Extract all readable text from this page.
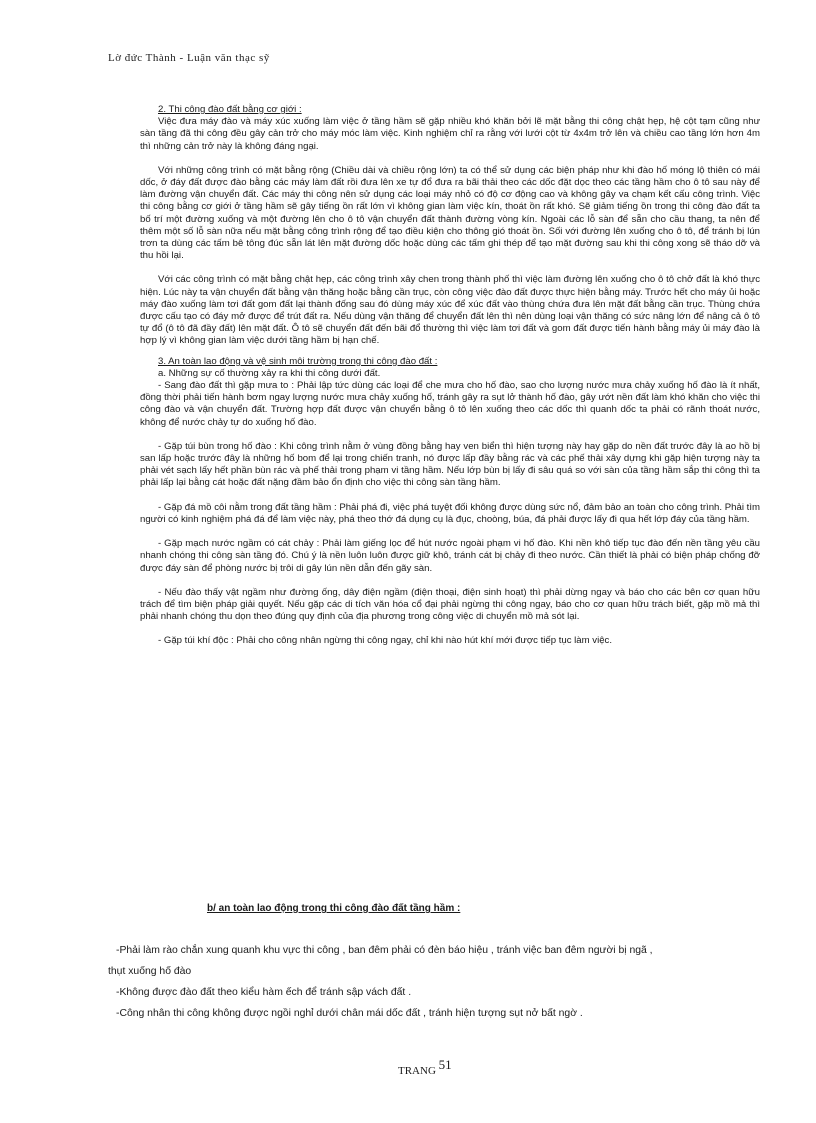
Lờ đức Thành - Luận văn thạc sỹ

2. Thi công đào đất bằng cơ giới :

Việc đưa máy đào và máy xúc xuống làm việc ở tầng hầm sẽ gặp nhiều khó khăn bởi lẽ mặt bằng thi công chật hẹp, hệ cột tạm cũng như sàn tầng đã thi công đều gây cản trở cho máy móc làm việc. Kinh nghiệm chỉ ra rằng với lưới cột từ 4x4m trở lên và chiều cao tầng lớn hơn 4m thì những cản trở này là không đáng ngại.

Với những công trình có mặt bằng rộng (Chiều dài và chiều rộng lớn) ta có thể sử dụng các biện pháp như khi đào hố móng lộ thiên có mái dốc, ở đáy đất được đào bằng các máy làm đất rồi đưa lên xe tự đổ đưa ra bãi thải theo các dốc đặt dọc theo các tầng hầm cho ô tô sau này để làm đường vận chuyển đất. Các máy thi công nên sử dụng các loại máy nhỏ có độ cơ động cao và không gây va chạm kết cấu công trình. Việc thi công bằng cơ giới ở tầng hầm sẽ gây tiếng ồn rất lớn vì không gian làm việc kín, thoát ồn rất khó. Sẽ giảm tiếng ồn trong thi công đào đất ta bố trí một đường xuống và một đường lên cho ô tô vận chuyển đất thành đường vòng kín. Ngoài các lỗ sàn để sẵn cho cầu thang, ta nên để thêm một số lỗ sàn nữa nếu mặt bằng công trình rộng để tạo điều kiện cho thông gió thoát ồn. Sối với đường lên xuống cho ô tô, để tránh bị lún trơn ta dùng các tấm bê tông đúc sẵn lát lên mặt đường dốc hoặc dùng các tấm ghi thép để tạo mặt đường sau khi thi công xong sẽ tháo dỡ và thu hồi lại.

Với các công trình có mặt bằng chật hẹp, các công trình xây chen trong thành phố thì việc làm đường lên xuống cho ô tô chở đất là khó thực hiện. Lúc này ta vận chuyển đất bằng vận thăng hoặc bằng cần trục, còn công việc đào đất được thực hiện bằng máy. Trước hết cho máy ủi hoặc máy đào xuống làm tơi đất gom đất lại thành đống sau đó dùng máy xúc để xúc đất vào thùng chứa đưa lên mặt đất bằng cần trục. Thùng chứa được cấu tạo có đáy mở được để trút đất ra. Nếu dùng vận thăng để chuyển đất lên thì nên dùng loại vận thăng có sức nâng lớn để nâng cả ô tô tự đổ (ô tô đã đầy đất) lên mặt đất. Ô tô sẽ chuyển đất đến bãi đổ thường thì việc làm tơi đất và gom đất được tiến hành bằng máy ủi máy đào là hợp lý vì không gian làm việc dưới tầng hầm bị hạn chế.

3. An toàn lao động và vệ sinh môi trường trong thi công đào đất :

a. Những sự cố thường xảy ra khi thi công dưới đất.

- Sang đào đất thì gặp mưa to : Phải lập tức dùng các loại để che mưa cho hố đào, sao cho lượng nước mưa chảy xuống hố đào là ít nhất, đồng thời phải tiến hành bơm ngay lượng nước mưa chảy xuống hố, tránh gây ra sụt lở thành hố đào, gây ướt nền đất làm khó khăn cho việc thi công đào và vận chuyển đất. Trường hợp đất được vận chuyển bằng ô tô lên xuống theo các dốc thì quanh dốc ta phải có rãnh thoát nước, không để nước chảy tự do xuống hố đào.

- Gặp túi bùn trong hố đào : Khi công trình nằm ở vùng đồng bằng hay ven biển thì hiện tượng này hay gặp do nền đất trước đây là ao hồ bị san lấp hoặc trước đây là những hố bom để lại trong chiến tranh, nó được lấp đầy bằng rác và các phế thải xây dựng khi gặp hiện tượng này ta phải vét sạch lấy hết phần bùn rác và phế thải trong phạm vi tầng hầm. Nếu lớp bùn bị lấy đi sâu quá so với sàn của tầng hầm sắp thi công thì ta phải lấp lại bằng cát hoặc đất nặng đầm bảo ổn định cho việc thi công sàn tầng hầm.

- Gặp đá mồ côi nằm trong đất tầng hầm : Phải phá đi, việc phá tuyệt đối không được dùng sức nổ, đảm bảo an toàn cho công trình. Phải tìm người có kinh nghiệm phá đá để làm việc này, phá theo thớ đá dụng cụ là đục, choòng, búa, đá phải được lấy đi qua hết lớp đáy của tầng hầm.

- Gặp mạch nước ngầm có cát chảy : Phải làm giếng lọc để hút nước ngoài phạm vi hố đào. Khi nền khô tiếp tục đào đến nền tầng yêu cầu nhanh chóng thi công sàn tầng đó. Chú ý là nền luôn luôn được giữ khô, tránh cát bị chảy đi theo nước. Cần thiết là phải có biện pháp chống đỡ được đáy sàn để phòng nước bị trôi di gây lún nền dẫn đến gãy sàn.

- Nếu đào thấy vật ngầm như đường ống, dây điện ngầm (điện thoại, điện sinh hoạt) thì phải dừng ngay và báo cho các bên cơ quan hữu trách để tìm biện pháp giải quyết. Nếu gặp các di tích văn hóa cổ đại phải ngừng thi công ngay, báo cho cơ quan hữu trách biết, gặp mồ mả thì phải nhanh chóng thu dọn theo đúng quy định của địa phương trong công việc di chuyển mồ mả sót lại.

- Gặp túi khí độc : Phải cho công nhân ngừng thi công ngay, chỉ khi nào hút khí mới được tiếp tục làm việc.

b/ an toàn lao động trong thi công đào đất tầng hầm :

-Phải làm rào chắn xung quanh khu vực thi công , ban đêm phải có đèn báo hiệu , tránh việc ban đêm người bị ngã ,

thụt xuống hố đào

-Không được đào đất theo kiểu hàm ếch để tránh sập vách đất .

-Công nhân thi công không được ngồi nghỉ dưới chân mái dốc đất , tránh hiện tượng sụt nở bất ngờ .

TRANG 51
